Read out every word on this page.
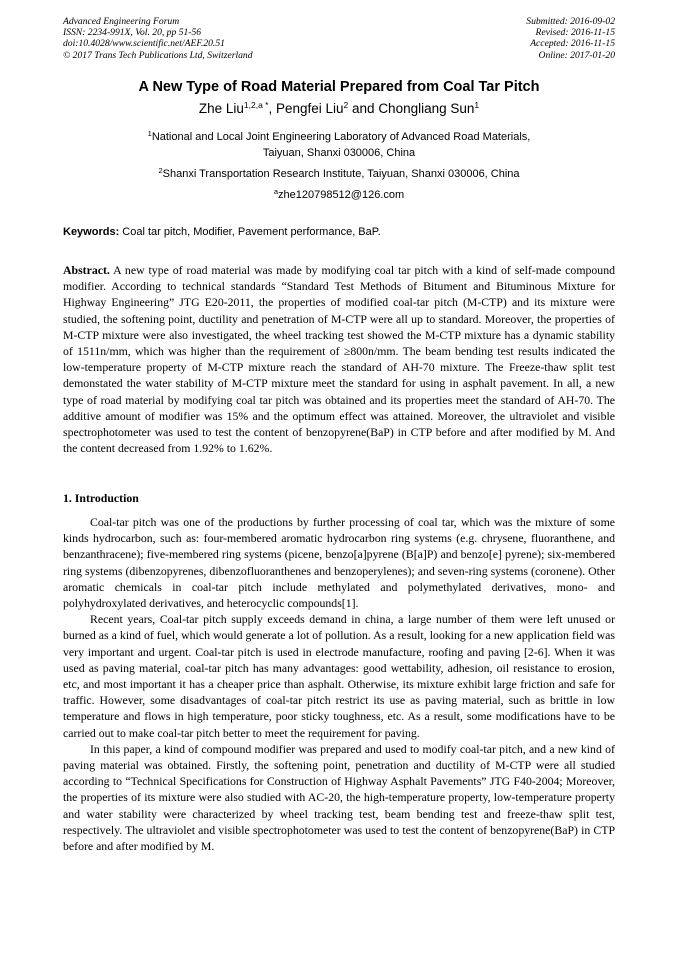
Advanced Engineering Forum
ISSN: 2234-991X, Vol. 20, pp 51-56
doi:10.4028/www.scientific.net/AEF.20.51
© 2017 Trans Tech Publications Ltd, Switzerland
Submitted: 2016-09-02
Revised: 2016-11-15
Accepted: 2016-11-15
Online: 2017-01-20
A New Type of Road Material Prepared from Coal Tar Pitch
Zhe Liu$^{1,2,a *}$, Pengfei Liu$^2$ and Chongliang Sun$^1$
$^1$National and Local Joint Engineering Laboratory of Advanced Road Materials,
Taiyuan, Shanxi 030006, China
$^2$Shanxi Transportation Research Institute, Taiyuan, Shanxi 030006, China
$^a$zhe120798512@126.com
Keywords: Coal tar pitch, Modifier, Pavement performance, BaP.
Abstract. A new type of road material was made by modifying coal tar pitch with a kind of self-made compound modifier. According to technical standards “Standard Test Methods of Bitument and Bituminous Mixture for Highway Engineering” JTG E20-2011, the properties of modified coal-tar pitch (M-CTP) and its mixture were studied, the softening point, ductility and penetration of M-CTP were all up to standard. Moreover, the properties of M-CTP mixture were also investigated, the wheel tracking test showed the M-CTP mixture has a dynamic stability of 1511n/mm, which was higher than the requirement of ≥800n/mm. The beam bending test results indicated the low-temperature property of M-CTP mixture reach the standard of AH-70 mixture. The Freeze-thaw split test demonstated the water stability of M-CTP mixture meet the standard for using in asphalt pavement. In all, a new type of road material by modifying coal tar pitch was obtained and its properties meet the standard of AH-70. The additive amount of modifier was 15% and the optimum effect was attained. Moreover, the ultraviolet and visible spectrophotometer was used to test the content of benzopyrene(BaP) in CTP before and after modified by M. And the content decreased from 1.92% to 1.62%.
1. Introduction

Coal-tar pitch was one of the productions by further processing of coal tar, which was the mixture of some kinds hydrocarbon, such as: four-membered aromatic hydrocarbon ring systems (e.g. chrysene, fluoranthene, and benzanthracene); five-membered ring systems (picene, benzo[a]pyrene (B[a]P) and benzo[e] pyrene); six-membered ring systems (dibenzopyrenes, dibenzofluoranthenes and benzoperylenes); and seven-ring systems (coronene). Other aromatic chemicals in coal-tar pitch include methylated and polymethylated derivatives, mono- and polyhydroxylated derivatives, and heterocyclic compounds[1].

Recent years, Coal-tar pitch supply exceeds demand in china, a large number of them were left unused or burned as a kind of fuel, which would generate a lot of pollution. As a result, looking for a new application field was very important and urgent. Coal-tar pitch is used in electrode manufacture, roofing and paving [2-6]. When it was used as paving material, coal-tar pitch has many advantages: good wettability, adhesion, oil resistance to erosion, etc, and most important it has a cheaper price than asphalt. Otherwise, its mixture exhibit large friction and safe for traffic. However, some disadvantages of coal-tar pitch restrict its use as paving material, such as brittle in low temperature and flows in high temperature, poor sticky toughness, etc. As a result, some modifications have to be carried out to make coal-tar pitch better to meet the requirement for paving.

In this paper, a kind of compound modifier was prepared and used to modify coal-tar pitch, and a new kind of paving material was obtained. Firstly, the softening point, penetration and ductility of M-CTP were all studied according to “Technical Specifications for Construction of Highway Asphalt Pavements” JTG F40-2004; Moreover, the properties of its mixture were also studied with AC-20, the high-temperature property, low-temperature property and water stability were characterized by wheel tracking test, beam bending test and freeze-thaw split test, respectively. The ultraviolet and visible spectrophotometer was used to test the content of benzopyrene(BaP) in CTP before and after modified by M.
